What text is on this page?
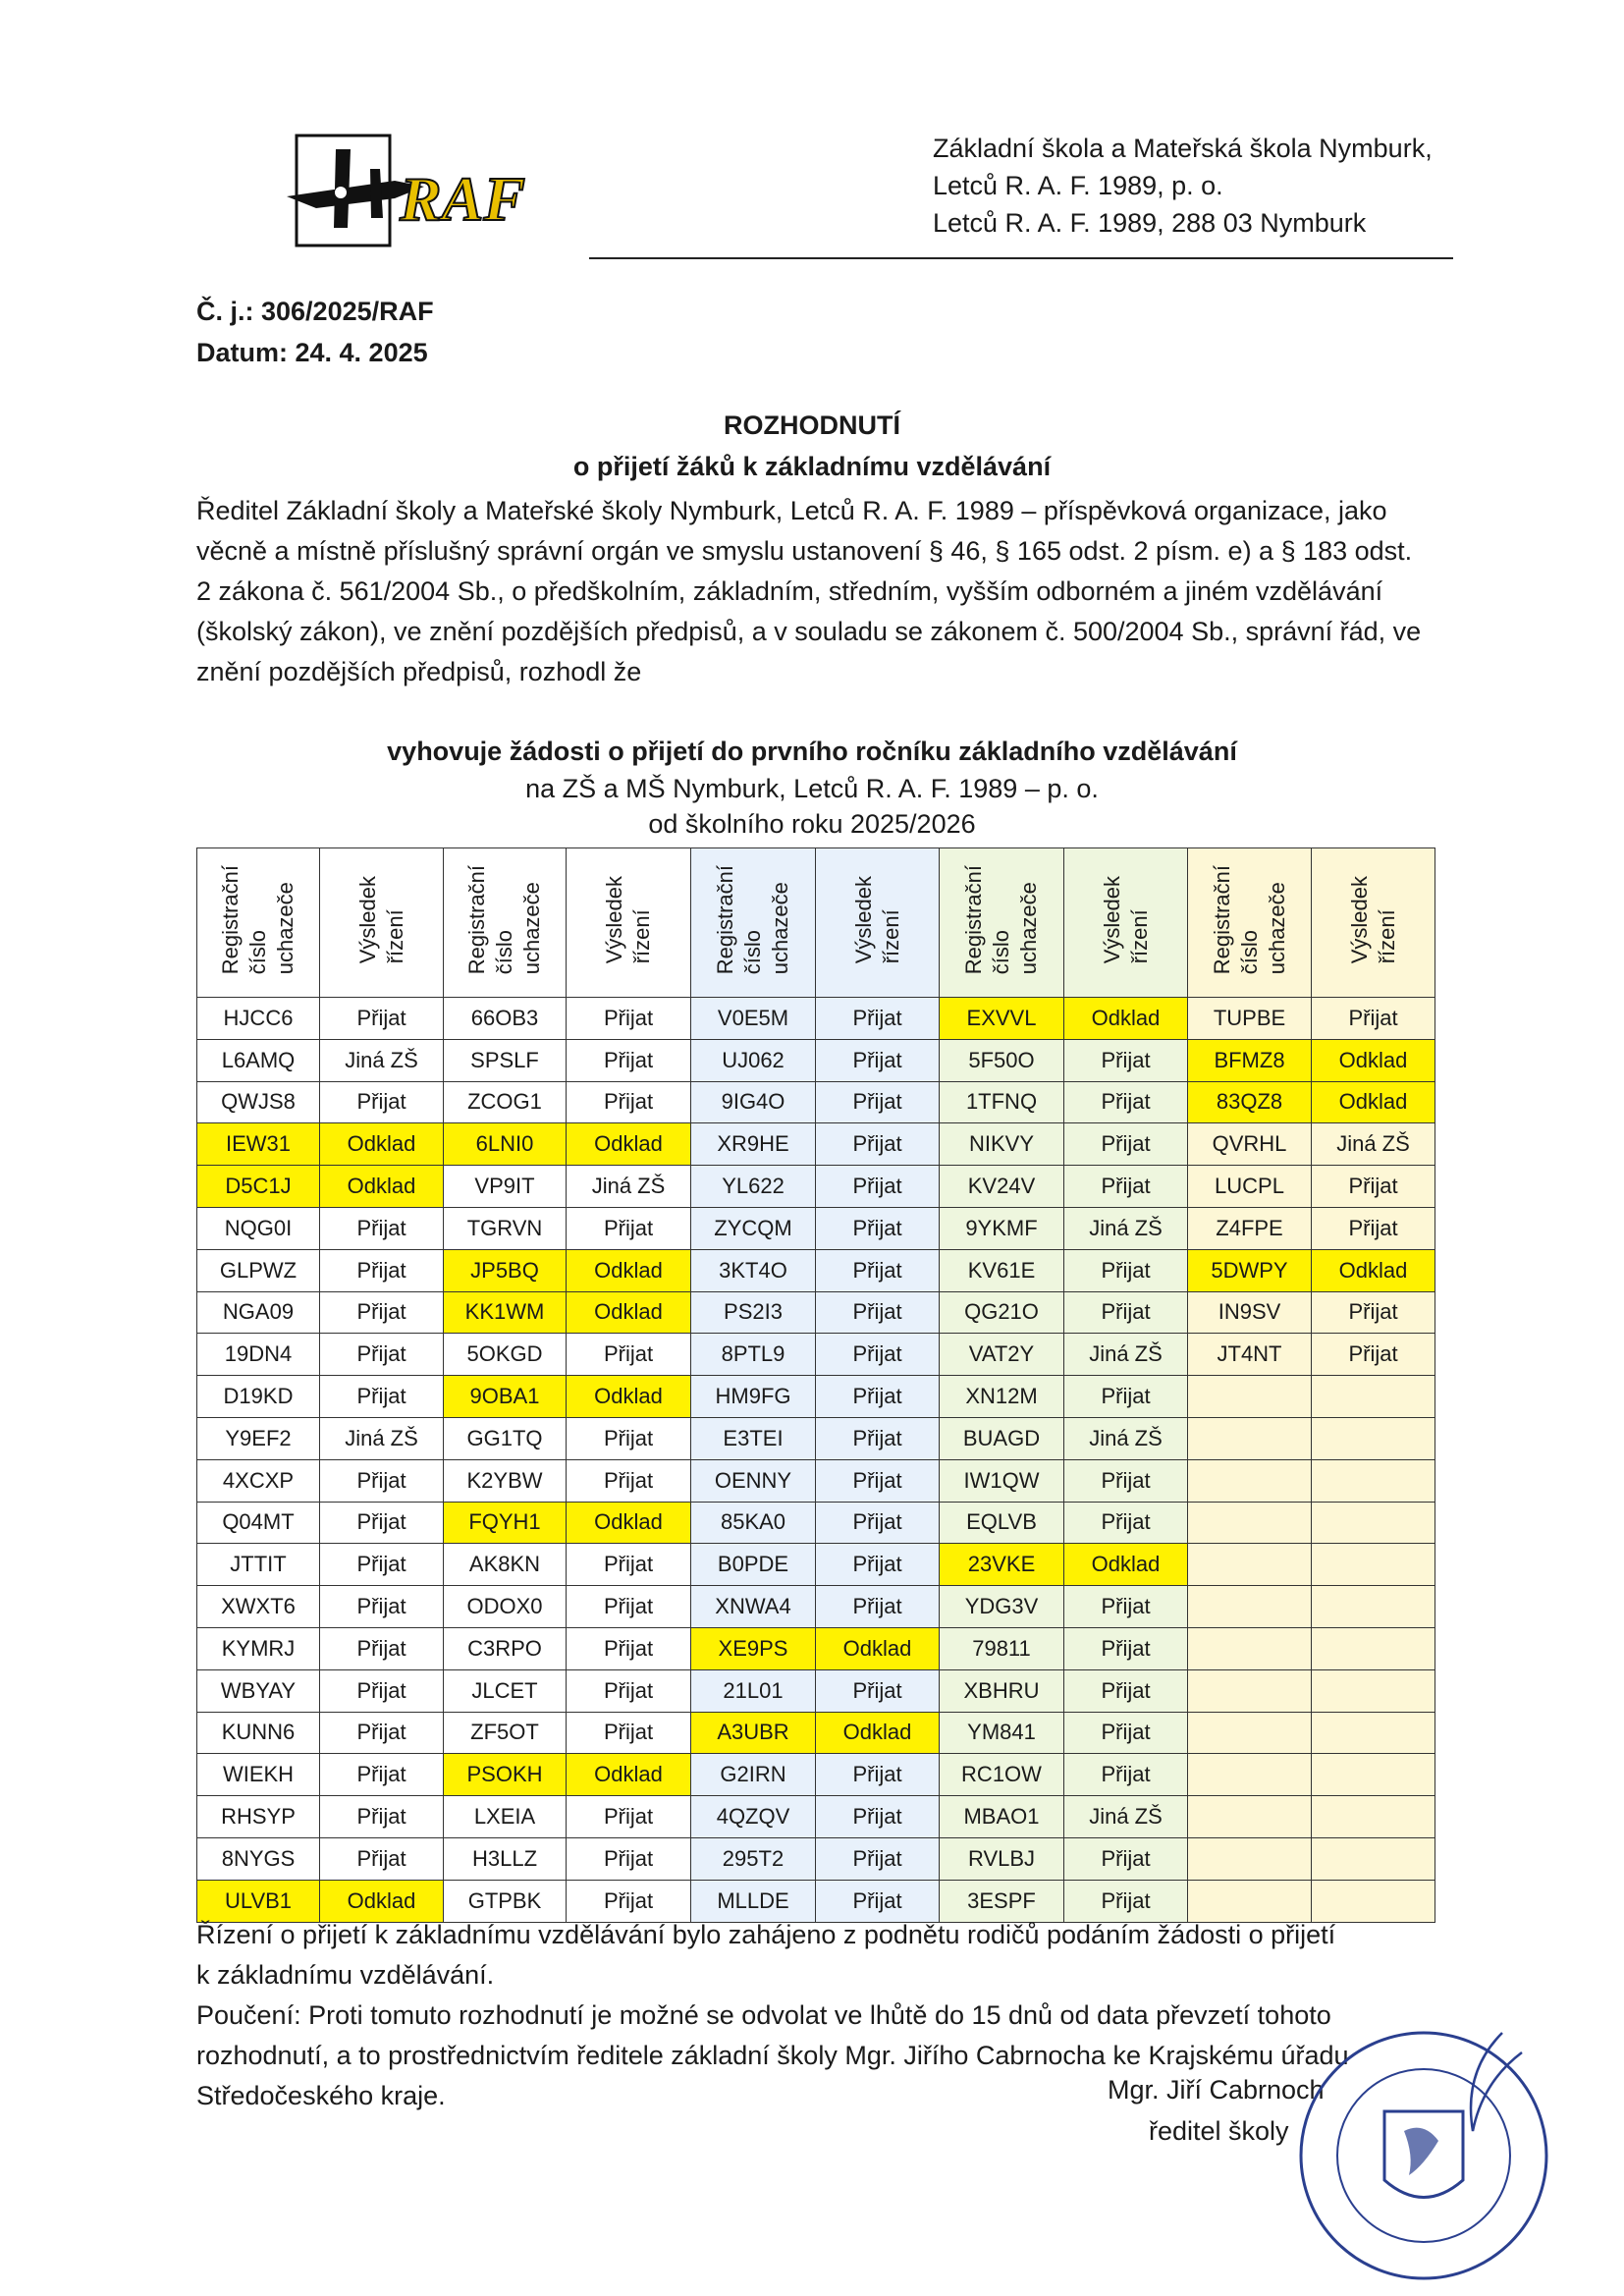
RAF
Základní škola a Mateřská škola Nymburk,
Letců R. A. F. 1989, p. o.
Letců R. A. F. 1989, 288 03 Nymburk
Č. j.: 306/2025/RAF
Datum: 24. 4. 2025
ROZHODNUTÍ
o přijetí žáků k základnímu vzdělávání
Ředitel Základní školy a Mateřské školy Nymburk, Letců R. A. F. 1989 – příspěvková organizace, jako
věcně a místně příslušný správní orgán ve smyslu ustanovení § 46, § 165 odst. 2 písm. e) a § 183 odst.
2 zákona č. 561/2004 Sb., o předškolním, základním, středním, vyšším odborném a jiném vzdělávání
(školský zákon), ve znění pozdějších předpisů, a v souladu se zákonem č. 500/2004 Sb., správní řád, ve
znění pozdějších předpisů, rozhodl že
vyhovuje žádosti o přijetí do prvního ročníku základního vzdělávání
na ZŠ a MŠ Nymburk, Letců R. A. F. 1989 – p. o.
od školního roku 2025/2026
Registrační číslo uchazeče	Výsledek řízení	Registrační číslo uchazeče	Výsledek řízení	Registrační číslo uchazeče	Výsledek řízení	Registrační číslo uchazeče	Výsledek řízení	Registrační číslo uchazeče	Výsledek řízení
HJCC6	Přijat	66OB3	Přijat	V0E5M	Přijat	EXVVL	Odklad	TUPBE	Přijat
L6AMQ	Jiná ZŠ	SPSLF	Přijat	UJ062	Přijat	5F50O	Přijat	BFMZ8	Odklad
QWJS8	Přijat	ZCOG1	Přijat	9IG4O	Přijat	1TFNQ	Přijat	83QZ8	Odklad
IEW31	Odklad	6LNI0	Odklad	XR9HE	Přijat	NIKVY	Přijat	QVRHL	Jiná ZŠ
D5C1J	Odklad	VP9IT	Jiná ZŠ	YL622	Přijat	KV24V	Přijat	LUCPL	Přijat
NQG0I	Přijat	TGRVN	Přijat	ZYCQM	Přijat	9YKMF	Jiná ZŠ	Z4FPE	Přijat
GLPWZ	Přijat	JP5BQ	Odklad	3KT4O	Přijat	KV61E	Přijat	5DWPY	Odklad
NGA09	Přijat	KK1WM	Odklad	PS2I3	Přijat	QG21O	Přijat	IN9SV	Přijat
19DN4	Přijat	5OKGD	Přijat	8PTL9	Přijat	VAT2Y	Jiná ZŠ	JT4NT	Přijat
D19KD	Přijat	9OBA1	Odklad	HM9FG	Přijat	XN12M	Přijat		
Y9EF2	Jiná ZŠ	GG1TQ	Přijat	E3TEI	Přijat	BUAGD	Jiná ZŠ		
4XCXP	Přijat	K2YBW	Přijat	OENNY	Přijat	IW1QW	Přijat		
Q04MT	Přijat	FQYH1	Odklad	85KA0	Přijat	EQLVB	Přijat		
JTTIT	Přijat	AK8KN	Přijat	B0PDE	Přijat	23VKE	Odklad		
XWXT6	Přijat	ODOX0	Přijat	XNWA4	Přijat	YDG3V	Přijat		
KYMRJ	Přijat	C3RPO	Přijat	XE9PS	Odklad	79811	Přijat		
WBYAY	Přijat	JLCET	Přijat	21L01	Přijat	XBHRU	Přijat		
KUNN6	Přijat	ZF5OT	Přijat	A3UBR	Odklad	YM841	Přijat		
WIEKH	Přijat	PSOKH	Odklad	G2IRN	Přijat	RC1OW	Přijat		
RHSYP	Přijat	LXEIA	Přijat	4QZQV	Přijat	MBAO1	Jiná ZŠ		
8NYGS	Přijat	H3LLZ	Přijat	295T2	Přijat	RVLBJ	Přijat		
ULVB1	Odklad	GTPBK	Přijat	MLLDE	Přijat	3ESPF	Přijat		
Řízení o přijetí k základnímu vzdělávání bylo zahájeno z podnětu rodičů podáním žádosti o přijetí
k základnímu vzdělávání.
Poučení: Proti tomuto rozhodnutí je možné se odvolat ve lhůtě do 15 dnů od data převzetí tohoto
rozhodnutí, a to prostřednictvím ředitele základní školy Mgr. Jiřího Cabrnocha ke Krajskému úřadu
Středočeského kraje.	Mgr. Jiří Cabrnoch
ředitel školy
